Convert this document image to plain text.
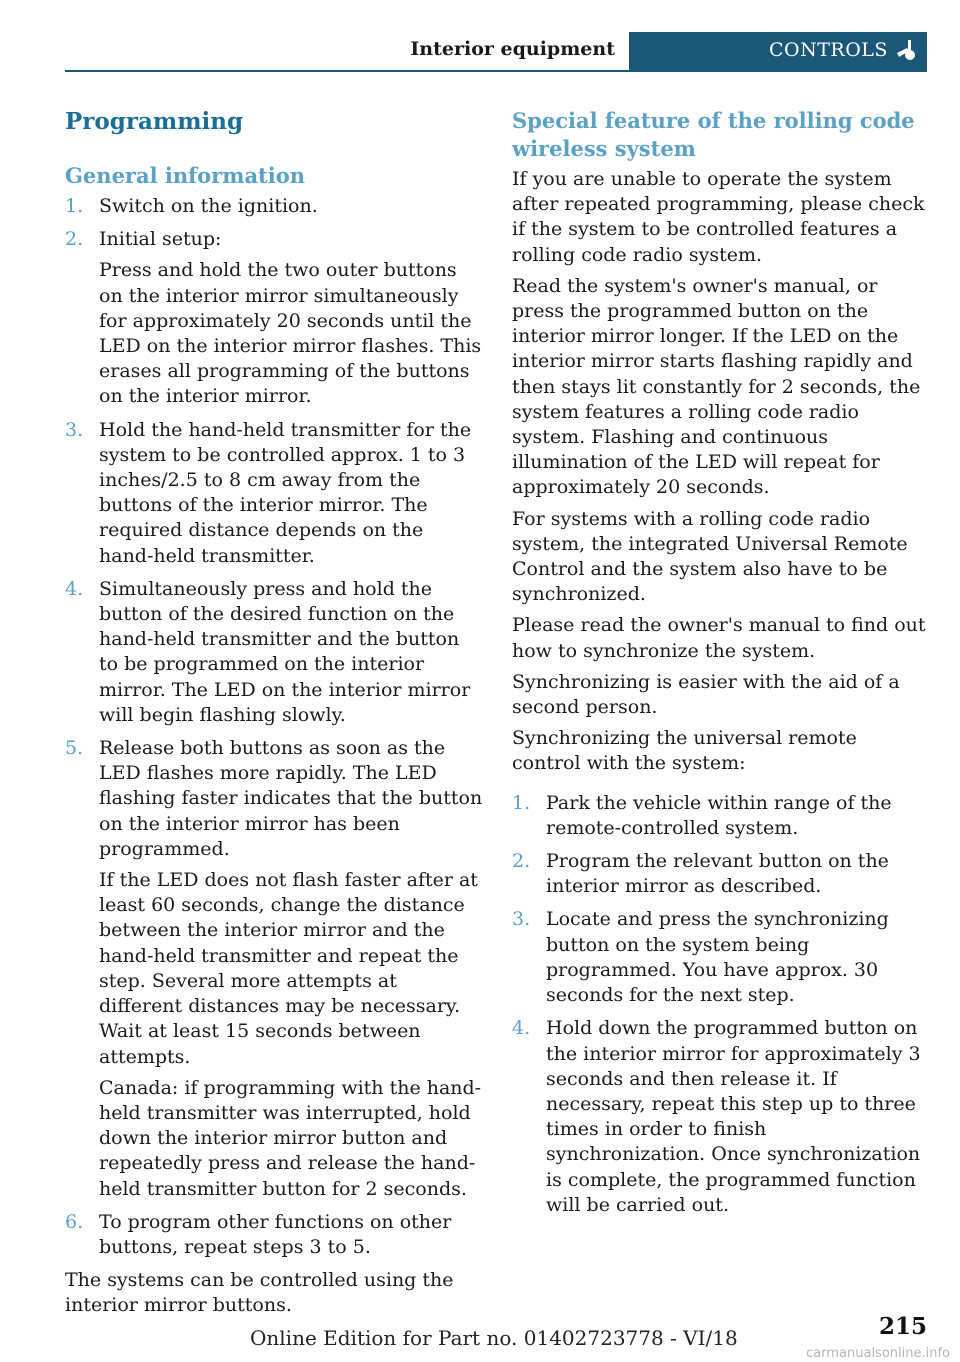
Interior equipment	CONTROLS
Programming
General information
1. Switch on the ignition.

2. Initial setup:

Press and hold the two outer buttons on the interior mirror simultaneously for approximately 20 seconds until the LED on the interior mirror flashes. This erases all programming of the buttons on the interior mirror.

3. Hold the hand-held transmitter for the system to be controlled approx. 1 to 3 inches/2.5 to 8 cm away from the buttons of the interior mirror. The required distance depends on the hand-held transmitter.

4. Simultaneously press and hold the button of the desired function on the hand-held transmitter and the button to be programmed on the interior mirror. The LED on the interior mirror will begin flashing slowly.

5. Release both buttons as soon as the LED flashes more rapidly. The LED flashing faster indicates that the button on the interior mirror has been programmed.

If the LED does not flash faster after at least 60 seconds, change the distance between the interior mirror and the hand-held transmitter and repeat the step. Several more attempts at different distances may be necessary. Wait at least 15 seconds between attempts.

Canada: if programming with the hand-held transmitter was interrupted, hold down the interior mirror button and repeatedly press and release the hand-held transmitter button for 2 seconds.

6. To program other functions on other buttons, repeat steps 3 to 5.

The systems can be controlled using the interior mirror buttons.

Special feature of the rolling code wireless system

If you are unable to operate the system after repeated programming, please check if the system to be controlled features a rolling code radio system.

Read the system's owner's manual, or press the programmed button on the interior mirror longer. If the LED on the interior mirror starts flashing rapidly and then stays lit constantly for 2 seconds, the system features a rolling code radio system. Flashing and continuous illumination of the LED will repeat for approximately 20 seconds.

For systems with a rolling code radio system, the integrated Universal Remote Control and the system also have to be synchronized.

Please read the owner's manual to find out how to synchronize the system.

Synchronizing is easier with the aid of a second person.

Synchronizing the universal remote control with the system:

1. Park the vehicle within range of the remote-controlled system.

2. Program the relevant button on the interior mirror as described.

3. Locate and press the synchronizing button on the system being programmed. You have approx. 30 seconds for the next step.

4. Hold down the programmed button on the interior mirror for approximately 3 seconds and then release it. If necessary, repeat this step up to three times in order to finish synchronization. Once synchronization is complete, the programmed function will be carried out.

Online Edition for Part no. 01402723778 - VI/18	215
carmanualsonline.info
